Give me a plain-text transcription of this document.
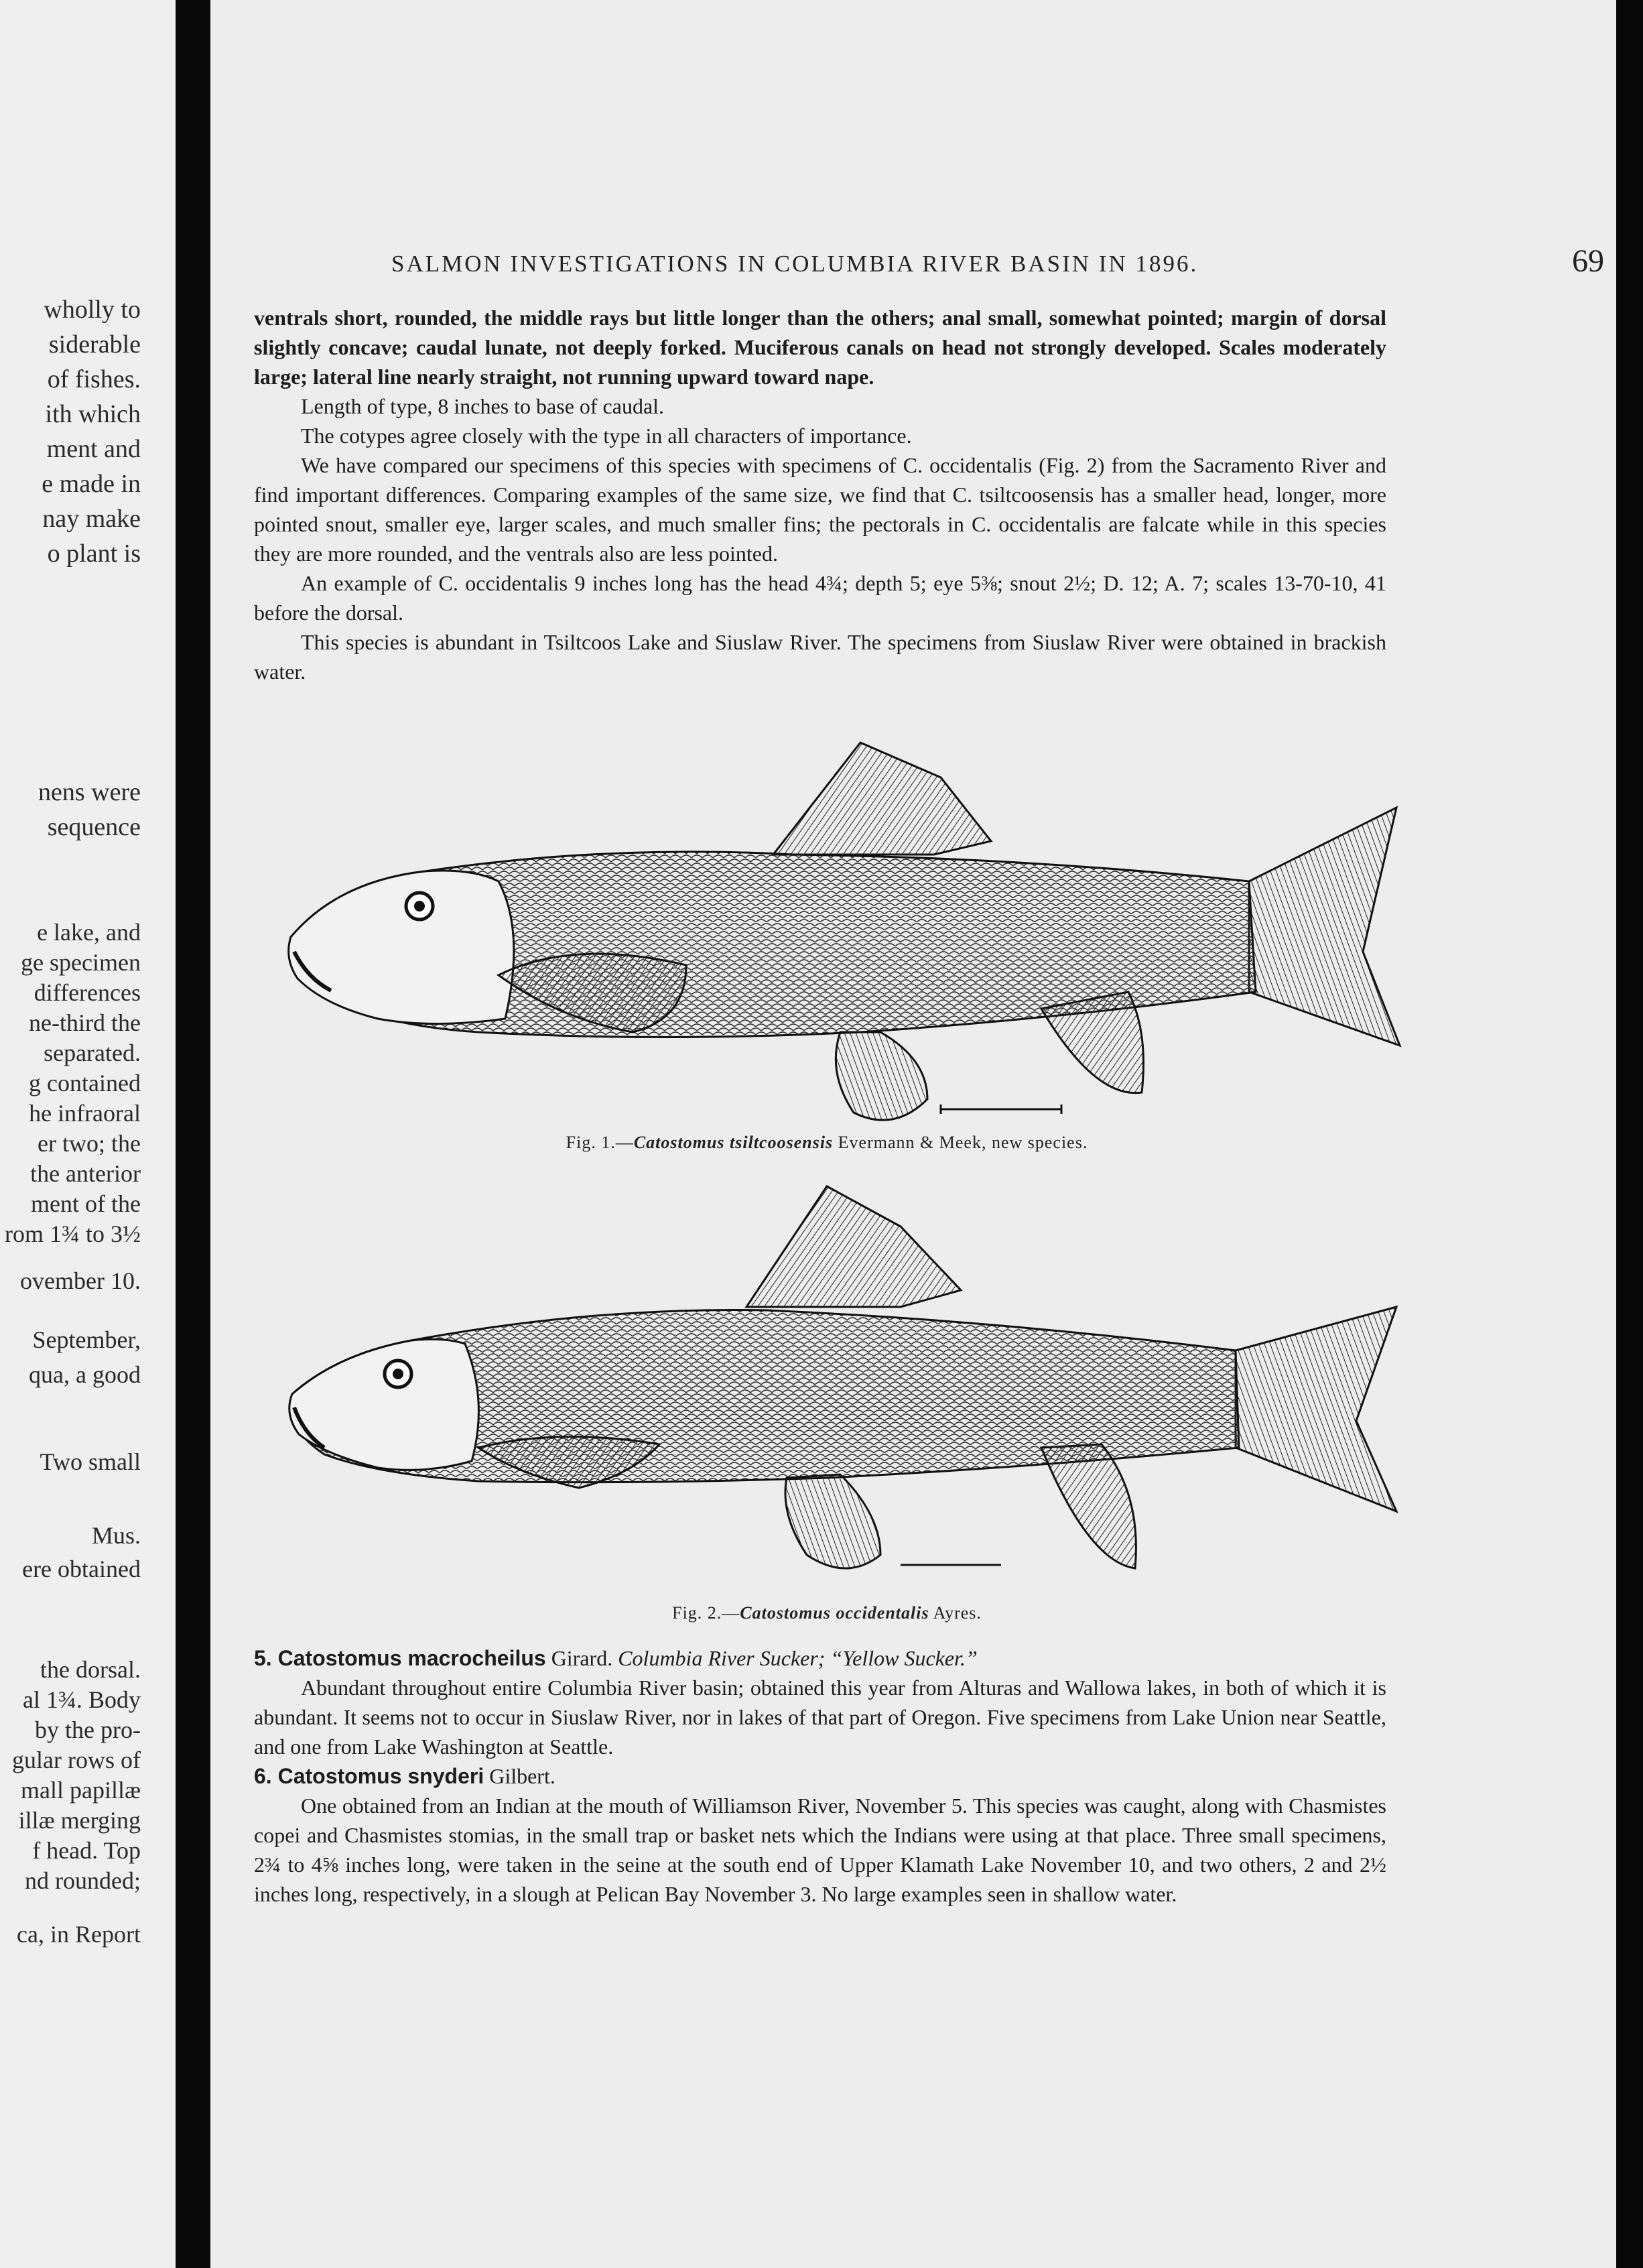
wholly to
siderable
of fishes.
ith which
ment and
e made in
nay make
o plant is
nens were
sequence
e lake, and
ge specimen
differences
ne-third the
separated.
g contained
he infraoral
er two; the
the anterior
ment of the
rom 1¾ to 3½
ovember 10.
September,
qua, a good
Two small
Mus.
ere obtained
the dorsal.
al 1¾. Body
by the pro-
gular rows of
mall papillæ
illæ merging
f head. Top
nd rounded;
ca, in Report
SALMON INVESTIGATIONS IN COLUMBIA RIVER BASIN IN 1896.	69

ventrals short, rounded, the middle rays but little longer than the others; anal small, somewhat pointed; margin of dorsal slightly concave; caudal lunate, not deeply forked. Muciferous canals on head not strongly developed. Scales moderately large; lateral line nearly straight, not running upward toward nape.

Length of type, 8 inches to base of caudal.

The cotypes agree closely with the type in all characters of importance.

We have compared our specimens of this species with specimens of C. occidentalis (Fig. 2) from the Sacramento River and find important differences. Comparing examples of the same size, we find that C. tsiltcoosensis has a smaller head, longer, more pointed snout, smaller eye, larger scales, and much smaller fins; the pectorals in C. occidentalis are falcate while in this species they are more rounded, and the ventrals also are less pointed.

An example of C. occidentalis 9 inches long has the head 4¾; depth 5; eye 5⅜; snout 2½; D. 12; A. 7; scales 13-70-10, 41 before the dorsal.

This species is abundant in Tsiltcoos Lake and Siuslaw River. The specimens from Siuslaw River were obtained in brackish water.

Fig. 1.—Catostomus tsiltcoosensis Evermann & Meek, new species.
Fig. 2.—Catostomus occidentalis Ayres.

5. Catostomus macrocheilus Girard. Columbia River Sucker; “Yellow Sucker.”

Abundant throughout entire Columbia River basin; obtained this year from Alturas and Wallowa lakes, in both of which it is abundant. It seems not to occur in Siuslaw River, nor in lakes of that part of Oregon. Five specimens from Lake Union near Seattle, and one from Lake Washington at Seattle.

6. Catostomus snyderi Gilbert.

One obtained from an Indian at the mouth of Williamson River, November 5. This species was caught, along with Chasmistes copei and Chasmistes stomias, in the small trap or basket nets which the Indians were using at that place. Three small specimens, 2¾ to 4⅝ inches long, were taken in the seine at the south end of Upper Klamath Lake November 10, and two others, 2 and 2½ inches long, respectively, in a slough at Pelican Bay November 3. No large examples seen in shallow water.
